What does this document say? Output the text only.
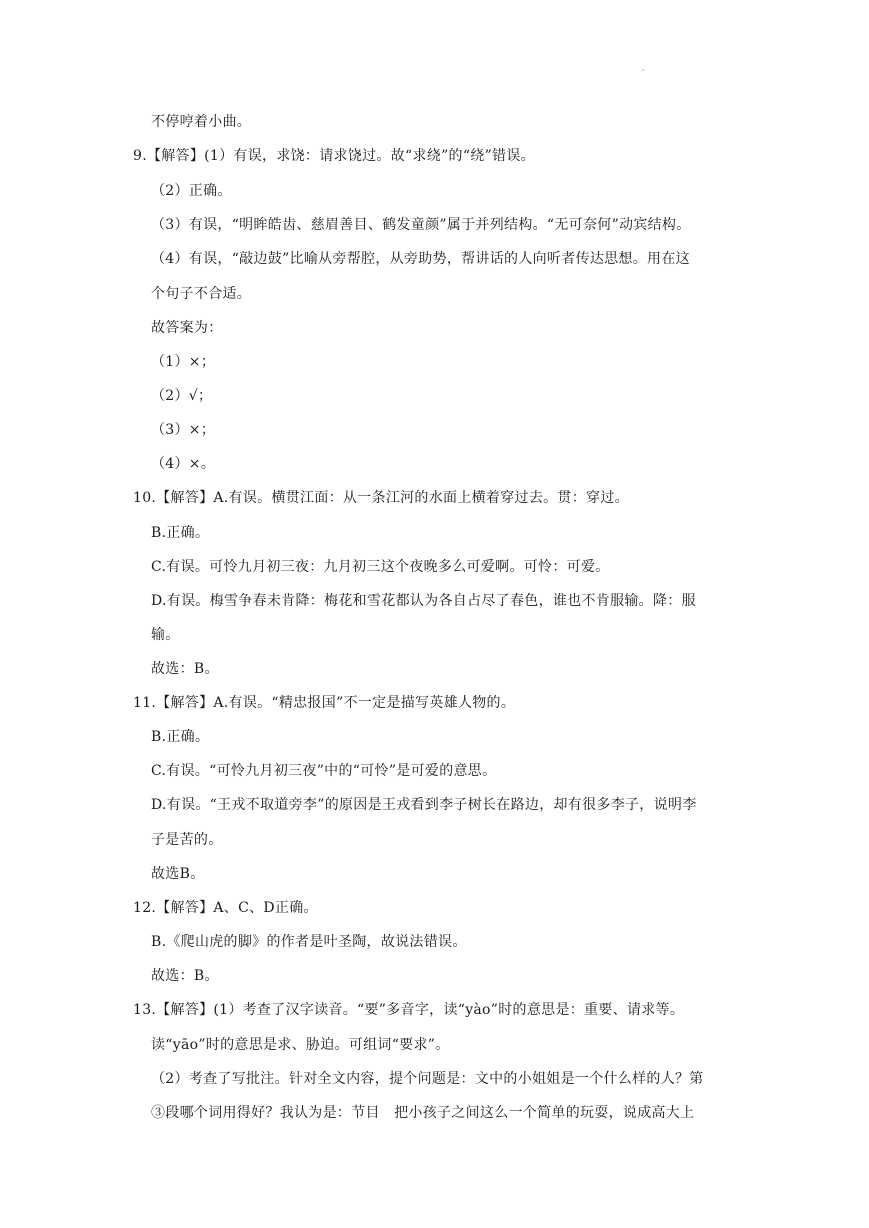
·
不停哼着小曲。
9.【解答】(1）有误，求饶：请求饶过。故“求绕”的“绕”错误。
（2）正确。
（3）有误，“明眸皓齿、慈眉善目、鹤发童颜”属于并列结构。“无可奈何”动宾结构。
（4）有误，“敲边鼓”比喻从旁帮腔，从旁助势，帮讲话的人向听者传达思想。用在这
个句子不合适。
故答案为：
（1）×；
（2）√；
（3）×；
（4）×。
10.【解答】A.有误。横贯江面：从一条江河的水面上横着穿过去。贯：穿过。
B.正确。
C.有误。可怜九月初三夜：九月初三这个夜晚多么可爱啊。可怜：可爱。
D.有误。梅雪争春未肯降：梅花和雪花都认为各自占尽了春色，谁也不肯服输。降：服
输。
故选：B。
11.【解答】A.有误。“精忠报国”不一定是描写英雄人物的。
B.正确。
C.有误。“可怜九月初三夜”中的“可怜”是可爱的意思。
D.有误。“王戎不取道旁李”的原因是王戎看到李子树长在路边，却有很多李子，说明李
子是苦的。
故选B。
12.【解答】A、C、D正确。
B.《爬山虎的脚》的作者是叶圣陶，故说法错误。
故选：B。
13.【解答】(1）考查了汉字读音。“要”多音字，读“yào”时的意思是：重要、请求等。
读“yāo”时的意思是求、胁迫。可组词“要求”。
（2）考查了写批注。针对全文内容，提个问题是：文中的小姐姐是一个什么样的人？第
③段哪个词用得好？我认为是：节目　把小孩子之间这么一个简单的玩耍，说成高大上
